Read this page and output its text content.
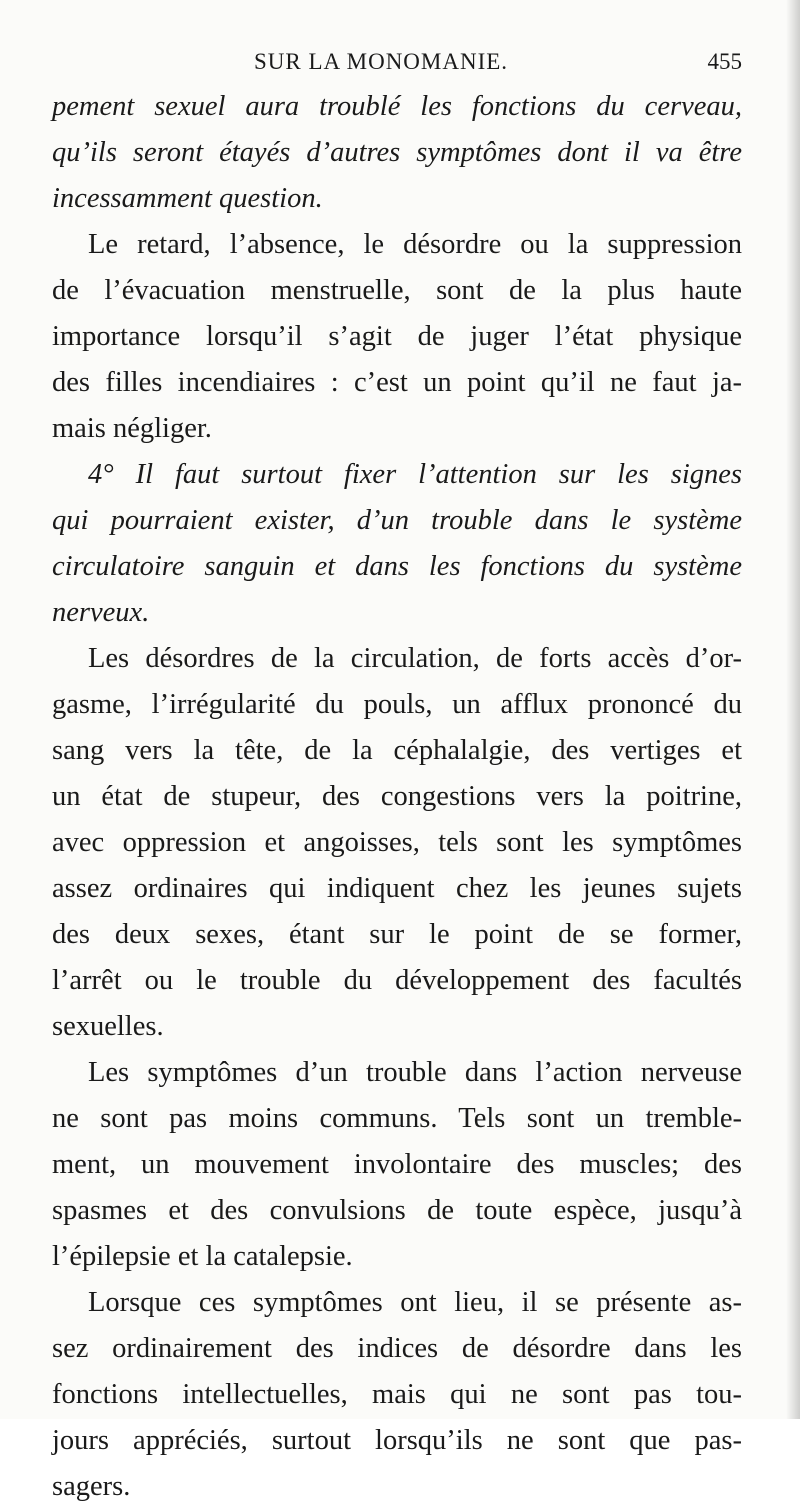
SUR LA MONOMANIE.	455
pement sexuel aura troublé les fonctions du cerveau,
qu’ils seront étayés d’autres symptômes dont il va être
incessamment question.
Le retard, l’absence, le désordre ou la suppression
de l’évacuation menstruelle, sont de la plus haute
importance lorsqu’il s’agit de juger l’état physique
des filles incendiaires : c’est un point qu’il ne faut ja-
mais négliger.
4° Il faut surtout fixer l’attention sur les signes
qui pourraient exister, d’un trouble dans le système
circulatoire sanguin et dans les fonctions du système
nerveux.
Les désordres de la circulation, de forts accès d’or-
gasme, l’irrégularité du pouls, un afflux prononcé du
sang vers la tête, de la céphalalgie, des vertiges et
un état de stupeur, des congestions vers la poitrine,
avec oppression et angoisses, tels sont les symptômes
assez ordinaires qui indiquent chez les jeunes sujets
des deux sexes, étant sur le point de se former,
l’arrêt ou le trouble du développement des facultés
sexuelles.
Les symptômes d’un trouble dans l’action nerveuse
ne sont pas moins communs. Tels sont un tremble-
ment, un mouvement involontaire des muscles; des
spasmes et des convulsions de toute espèce, jusqu’à
l’épilepsie et la catalepsie.
Lorsque ces symptômes ont lieu, il se présente as-
sez ordinairement des indices de désordre dans les
fonctions intellectuelles, mais qui ne sont pas tou-
jours appréciés, surtout lorsqu’ils ne sont que pas-
sagers.
